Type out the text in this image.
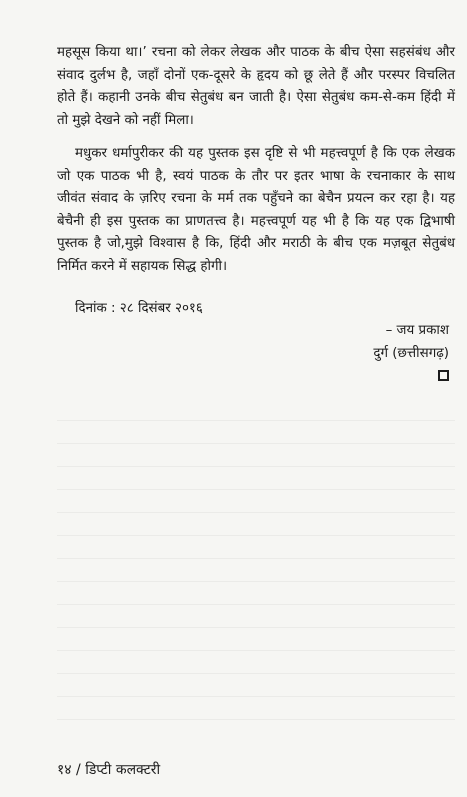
महसूस किया था।’ रचना को लेकर लेखक और पाठक के बीच ऐसा सहसंबंध और संवाद दुर्लभ है, जहाँ दोनों एक-दूसरे के हृदय को छू लेते हैं और परस्पर विचलित होते हैं। कहानी उनके बीच सेतुबंध बन जाती है। ऐसा सेतुबंध कम-से-कम हिंदी में तो मुझे देखने को नहीं मिला।

मधुकर धर्मापुरीकर की यह पुस्तक इस दृष्टि से भी महत्त्वपूर्ण है कि एक लेखक जो एक पाठक भी है, स्वयं पाठक के तौर पर इतर भाषा के रचनाकार के साथ जीवंत संवाद के ज़रिए रचना के मर्म तक पहुँचने का बेचैन प्रयत्न कर रहा है। यह बेचैनी ही इस पुस्तक का प्राणतत्त्व है। महत्त्वपूर्ण यह भी है कि यह एक द्विभाषी पुस्तक है जो,मुझे विश्वास है कि, हिंदी और मराठी के बीच एक मज़बूत सेतुबंध निर्मित करने में सहायक सिद्ध होगी।

दिनांक : २८ दिसंबर २०१६

– जय प्रकाश
दुर्ग (छत्तीसगढ़)
१४ / डिप्टी कलक्टरी
